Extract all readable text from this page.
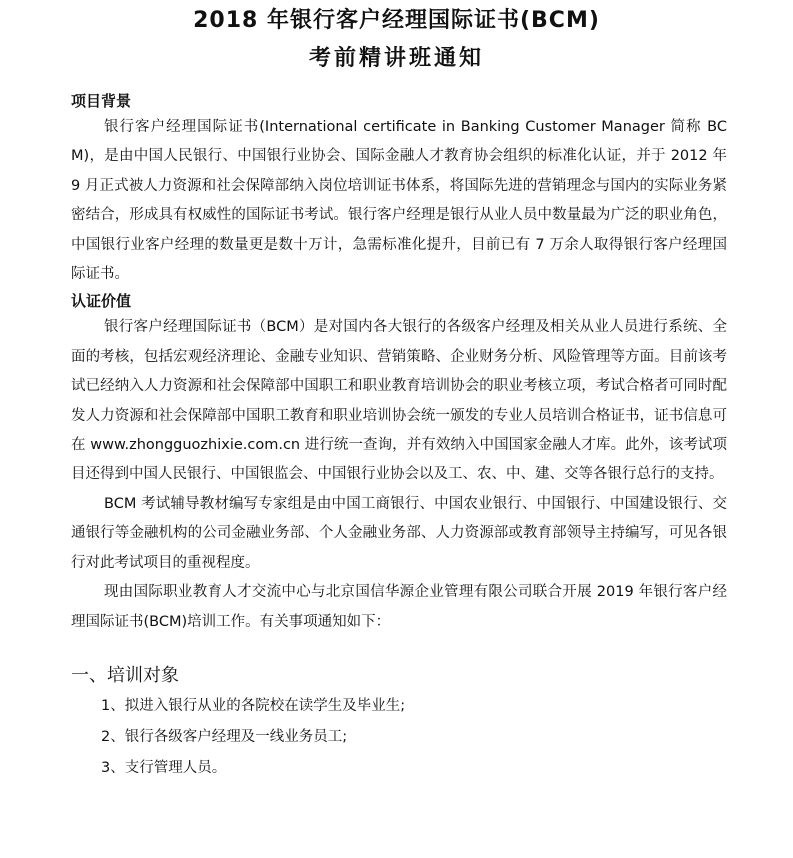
2018 年银行客户经理国际证书(BCM)
考前精讲班通知
项目背景

银行客户经理国际证书(International certificate in Banking Customer Manager 简称 BCM)，是由中国人民银行、中国银行业协会、国际金融人才教育协会组织的标准化认证，并于 2012 年 9 月正式被人力资源和社会保障部纳入岗位培训证书体系，将国际先进的营销理念与国内的实际业务紧密结合，形成具有权威性的国际证书考试。银行客户经理是银行从业人员中数量最为广泛的职业角色，中国银行业客户经理的数量更是数十万计，急需标准化提升，目前已有 7 万余人取得银行客户经理国际证书。

认证价值

银行客户经理国际证书（BCM）是对国内各大银行的各级客户经理及相关从业人员进行系统、全面的考核，包括宏观经济理论、金融专业知识、营销策略、企业财务分析、风险管理等方面。目前该考试已经纳入人力资源和社会保障部中国职工和职业教育培训协会的职业考核立项，考试合格者可同时配发人力资源和社会保障部中国职工教育和职业培训协会统一颁发的专业人员培训合格证书，证书信息可在 www.zhongguozhixie.com.cn 进行统一查询，并有效纳入中国国家金融人才库。此外，该考试项目还得到中国人民银行、中国银监会、中国银行业协会以及工、农、中、建、交等各银行总行的支持。

BCM 考试辅导教材编写专家组是由中国工商银行、中国农业银行、中国银行、中国建设银行、交通银行等金融机构的公司金融业务部、个人金融业务部、人力资源部或教育部领导主持编写，可见各银行对此考试项目的重视程度。

现由国际职业教育人才交流中心与北京国信华源企业管理有限公司联合开展 2019 年银行客户经理国际证书(BCM)培训工作。有关事项通知如下：

一、培训对象

1、拟进入银行从业的各院校在读学生及毕业生;

2、银行各级客户经理及一线业务员工;

3、支行管理人员。
